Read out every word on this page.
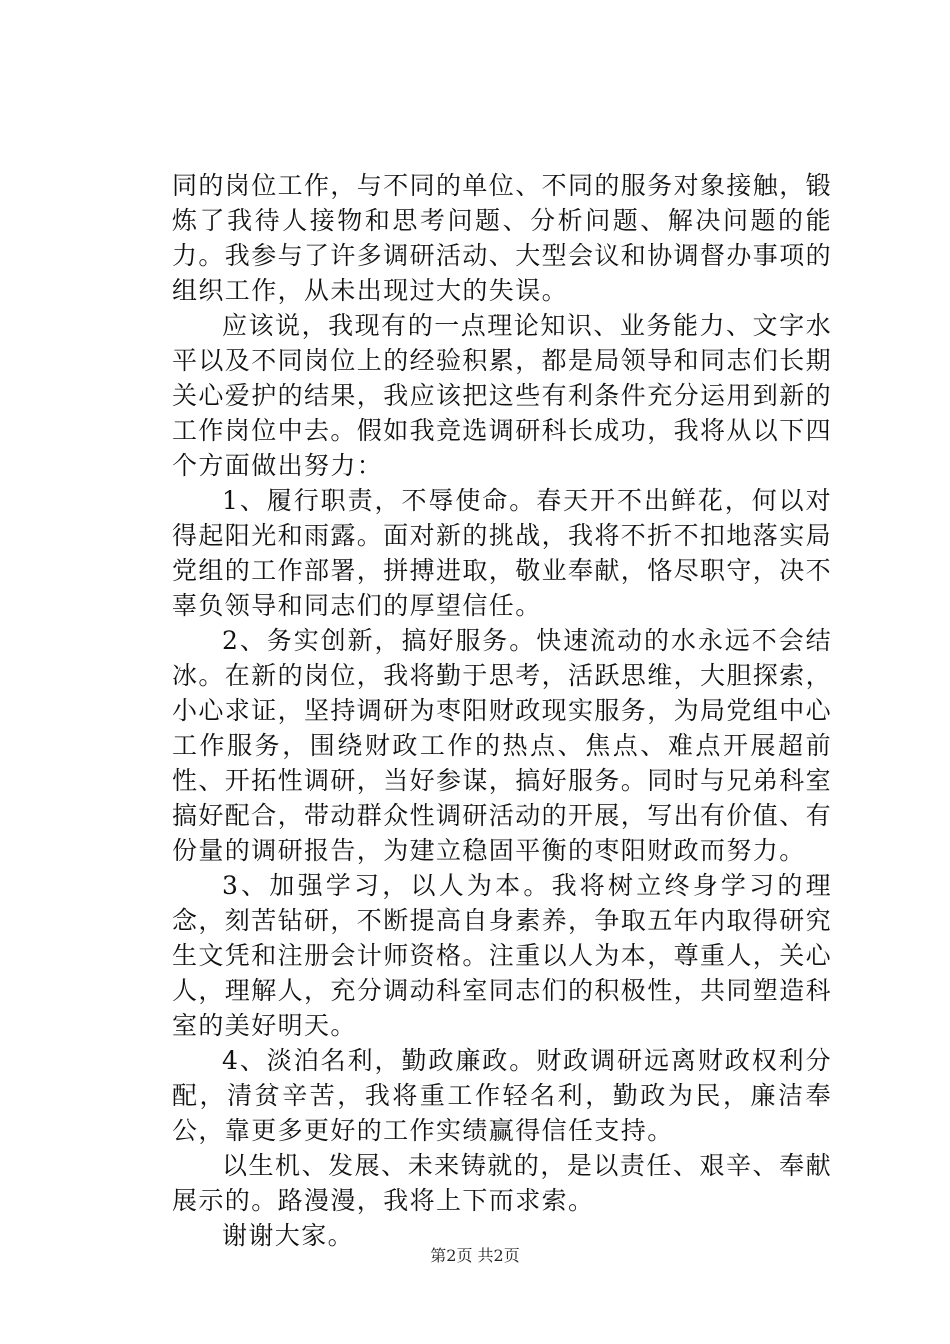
同的岗位工作，与不同的单位、不同的服务对象接触，锻炼了我待人接物和思考问题、分析问题、解决问题的能力。我参与了许多调研活动、大型会议和协调督办事项的组织工作，从未出现过大的失误。

应该说，我现有的一点理论知识、业务能力、文字水平以及不同岗位上的经验积累，都是局领导和同志们长期关心爱护的结果，我应该把这些有利条件充分运用到新的工作岗位中去。假如我竞选调研科长成功，我将从以下四个方面做出努力：

1、履行职责，不辱使命。春天开不出鲜花，何以对得起阳光和雨露。面对新的挑战，我将不折不扣地落实局党组的工作部署，拼搏进取，敬业奉献，恪尽职守，决不辜负领导和同志们的厚望信任。

2、务实创新，搞好服务。快速流动的水永远不会结冰。在新的岗位，我将勤于思考，活跃思维，大胆探索，小心求证，坚持调研为枣阳财政现实服务，为局党组中心工作服务，围绕财政工作的热点、焦点、难点开展超前性、开拓性调研，当好参谋，搞好服务。同时与兄弟科室搞好配合，带动群众性调研活动的开展，写出有价值、有份量的调研报告，为建立稳固平衡的枣阳财政而努力。

3、加强学习，以人为本。我将树立终身学习的理念，刻苦钻研，不断提高自身素养，争取五年内取得研究生文凭和注册会计师资格。注重以人为本，尊重人，关心人，理解人，充分调动科室同志们的积极性，共同塑造科室的美好明天。

4、淡泊名利，勤政廉政。财政调研远离财政权利分配，清贫辛苦，我将重工作轻名利，勤政为民，廉洁奉公，靠更多更好的工作实绩赢得信任支持。

以生机、发展、未来铸就的，是以责任、艰辛、奉献展示的。路漫漫，我将上下而求索。

谢谢大家。

第2页 共2页
